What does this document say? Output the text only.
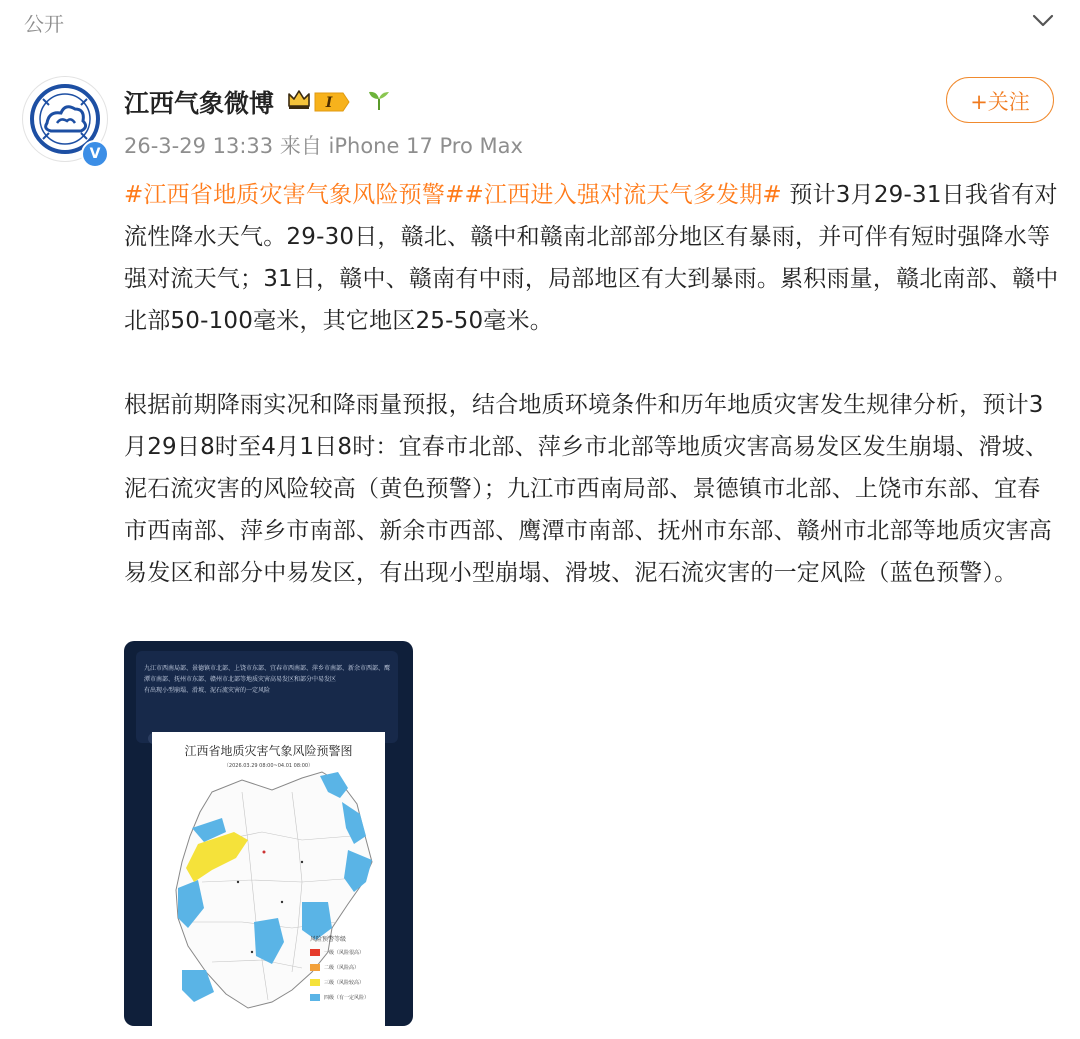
公开
V
江西气象微博	I
26-3-29 13:33 来自 iPhone 17 Pro Max
+关注

#江西省地质灾害气象风险预警##江西进入强对流天气多发期# 预计3月29-31日我省有对流性降水天气。29-30日，赣北、赣中和赣南北部部分地区有暴雨，并可伴有短时强降水等强对流天气；31日，赣中、赣南有中雨，局部地区有大到暴雨。累积雨量，赣北南部、赣中北部50-100毫米，其它地区25-50毫米。

根据前期降雨实况和降雨量预报，结合地质环境条件和历年地质灾害发生规律分析，预计3月29日8时至4月1日8时：宜春市北部、萍乡市北部等地质灾害高易发区发生崩塌、滑坡、泥石流灾害的风险较高（黄色预警）；九江市西南局部、景德镇市北部、上饶市东部、宜春市西南部、萍乡市南部、新余市西部、鹰潭市南部、抚州市东部、赣州市北部等地质灾害高易发区和部分中易发区，有出现小型崩塌、滑坡、泥石流灾害的一定风险（蓝色预警）。

九江市西南局部、景德镇市北部、上饶市东部、宜春市西南部、萍乡市南部、新余市西部、鹰潭市南部、抚州市东部、赣州市北部等地质灾害高易发区和部分中易发区
有出现小型崩塌、滑坡、泥石流灾害的一定风险

江西省地质灾害气象风险预警图
（2026.03.29 08:00~04.01 08:00）
风险预警等级
一级（风险很高）
二级（风险高）
三级（风险较高）
四级（有一定风险）
